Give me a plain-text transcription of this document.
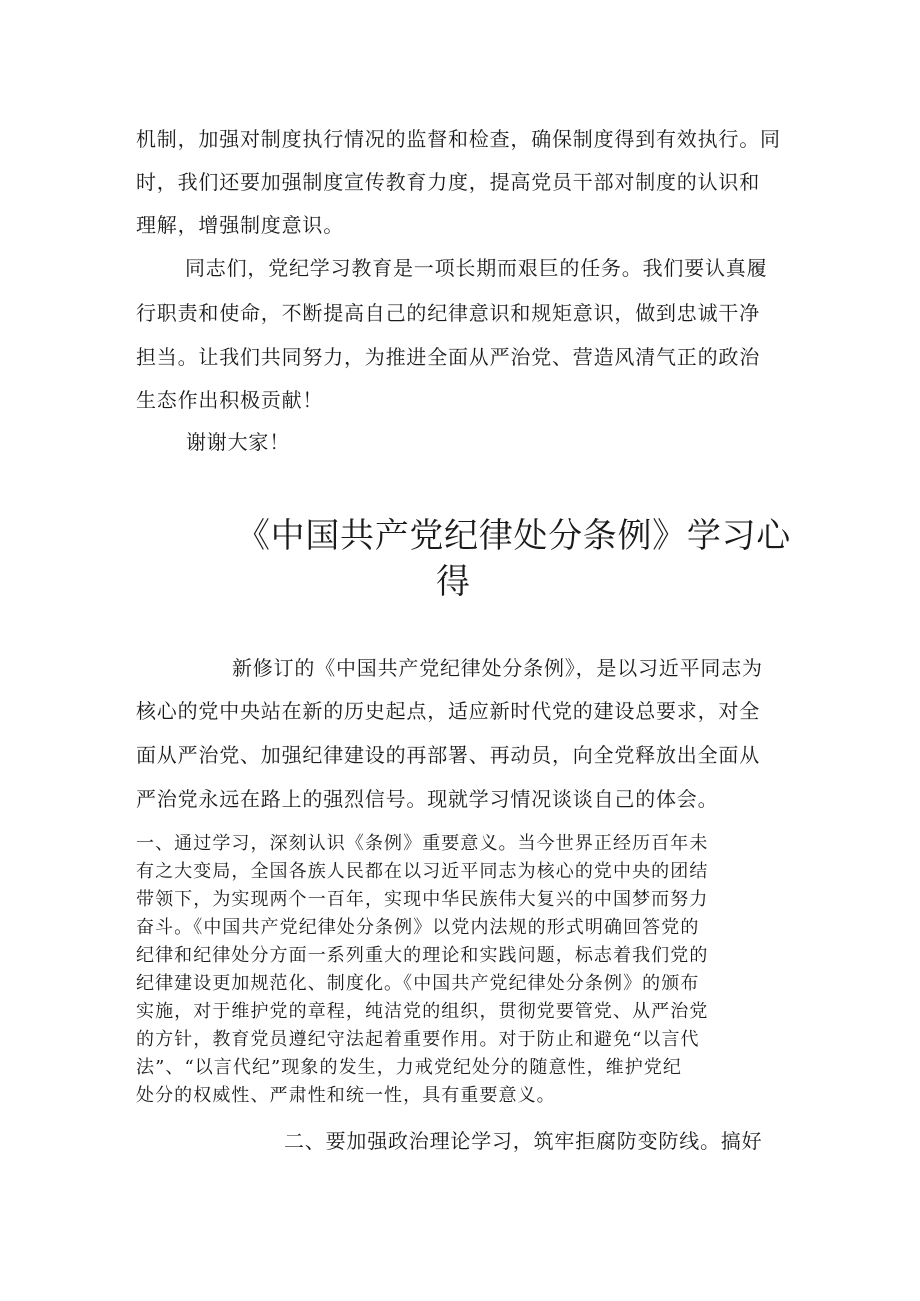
机制，加强对制度执行情况的监督和检查，确保制度得到有效执行。同
时，我们还要加强制度宣传教育力度，提高党员干部对制度的认识和
理解，增强制度意识。
同志们，党纪学习教育是一项长期而艰巨的任务。我们要认真履
行职责和使命，不断提高自己的纪律意识和规矩意识，做到忠诚干净
担当。让我们共同努力，为推进全面从严治党、营造风清气正的政治
生态作出积极贡献！
谢谢大家！
《中国共产党纪律处分条例》学习心
得
新修订的《中国共产党纪律处分条例》，是以习近平同志为
核心的党中央站在新的历史起点，适应新时代党的建设总要求，对全
面从严治党、加强纪律建设的再部署、再动员，向全党释放出全面从
严治党永远在路上的强烈信号。现就学习情况谈谈自己的体会。
一、通过学习，深刻认识《条例》重要意义。当今世界正经历百年未
有之大变局，全国各族人民都在以习近平同志为核心的党中央的团结
带领下，为实现两个一百年，实现中华民族伟大复兴的中国梦而努力
奋斗。《中国共产党纪律处分条例》以党内法规的形式明确回答党的
纪律和纪律处分方面一系列重大的理论和实践问题，标志着我们党的
纪律建设更加规范化、制度化。《中国共产党纪律处分条例》的颁布
实施，对于维护党的章程，纯洁党的组织，贯彻党要管党、从严治党
的方针，教育党员遵纪守法起着重要作用。对于防止和避免“以言代
法”、“以言代纪”现象的发生，力戒党纪处分的随意性，维护党纪
处分的权威性、严肃性和统一性，具有重要意义。
二、要加强政治理论学习，筑牢拒腐防变防线。搞好
